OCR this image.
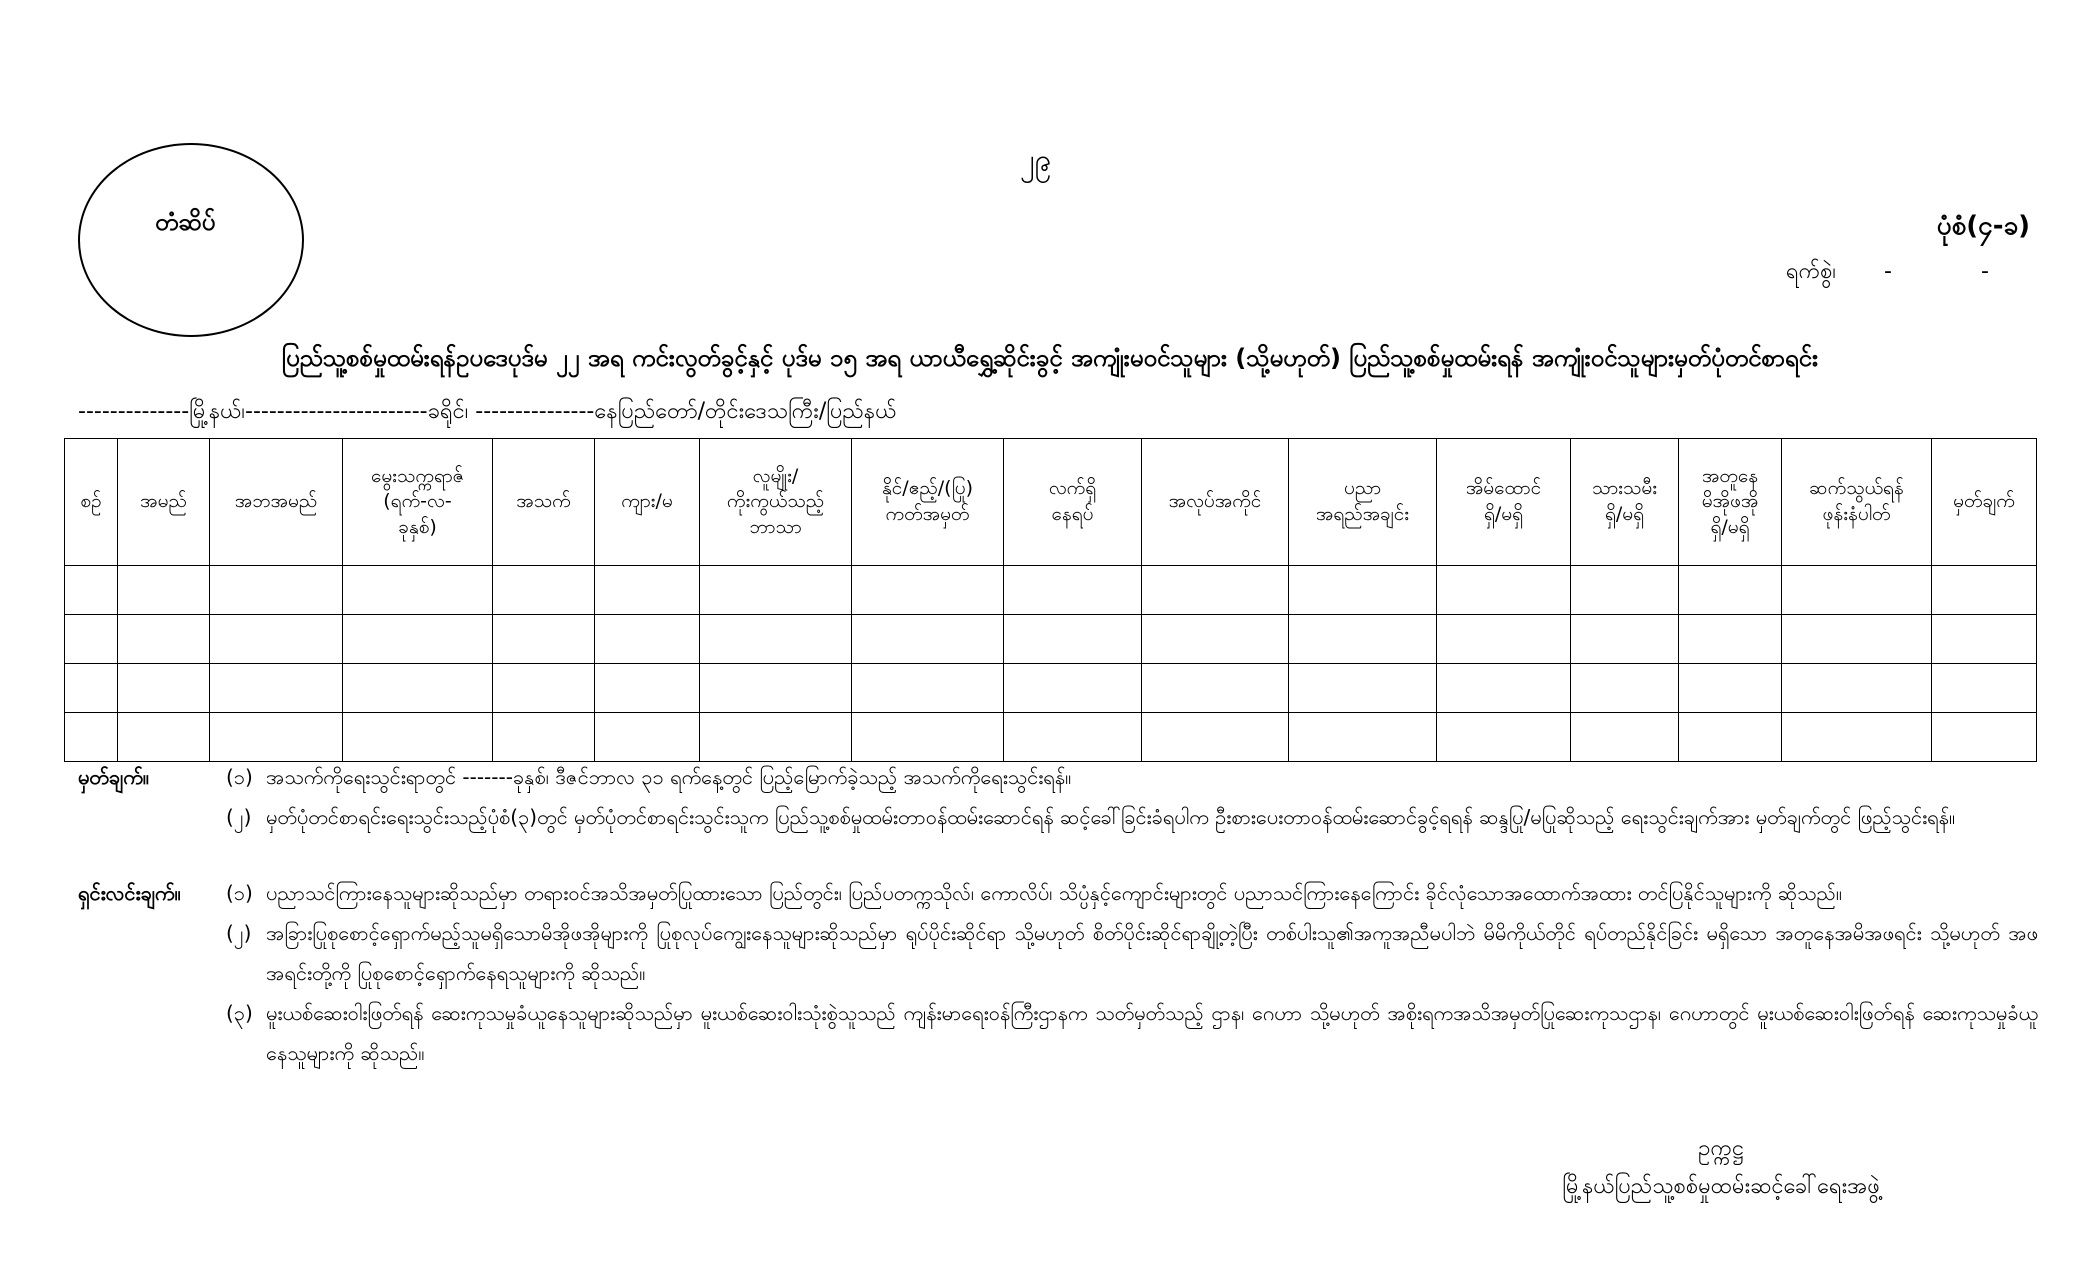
၂၉
တံဆိပ်	ပုံစံ(၄-ခ)
ရက်စွဲ၊ -	-
ပြည်သူ့စစ်မှုထမ်းရန်ဥပဒေပုဒ်မ ၂၂ အရ ကင်းလွတ်ခွင့်နှင့် ပုဒ်မ ၁၅ အရ ယာယီရွှေ့ဆိုင်းခွင့် အကျုံးမဝင်သူများ (သို့မဟုတ်) ပြည်သူ့စစ်မှုထမ်းရန် အကျုံးဝင်သူများမှတ်ပုံတင်စာရင်း
--------------မြို့နယ်၊-----------------------ခရိုင်၊ ---------------နေပြည်တော်/တိုင်းဒေသကြီး/ပြည်နယ်
စဉ်	အမည်	အဘအမည်	မွေးသက္ကရာဇ်
(ရက်-လ-
ခုနှစ်)	အသက်	ကျား/မ	လူမျိုး/
ကိုးကွယ်သည့်
ဘာသာ	နိုင်/ဧည့်/(ပြု)
ကတ်အမှတ်	လက်ရှိ
နေရပ်	အလုပ်အကိုင်	ပညာ
အရည်အချင်း	အိမ်ထောင်
ရှိ/မရှိ	သားသမီး
ရှိ/မရှိ	အတူနေ
မိအိုဖအို
ရှိ/မရှိ	ဆက်သွယ်ရန်
ဖုန်းနံပါတ်	မှတ်ချက်

မှတ်ချက်။	(၁) အသက်ကိုရေးသွင်းရာတွင် -------ခုနှစ်၊ ဒီဇင်ဘာလ ၃၁ ရက်နေ့တွင် ပြည့်မြောက်ခဲ့သည့် အသက်ကိုရေးသွင်းရန်။
(၂) မှတ်ပုံတင်စာရင်းရေးသွင်းသည့်ပုံစံ(၃)တွင် မှတ်ပုံတင်စာရင်းသွင်းသူက ပြည်သူ့စစ်မှုထမ်းတာဝန်ထမ်းဆောင်ရန် ဆင့်ခေါ်ခြင်းခံရပါက ဦးစားပေးတာဝန်ထမ်းဆောင်ခွင့်ရရန် ဆန္ဒပြု/မပြုဆိုသည့် ရေးသွင်းချက်အား မှတ်ချက်တွင် ဖြည့်သွင်းရန်။
ရှင်းလင်းချက်။	(၁) ပညာသင်ကြားနေသူများဆိုသည်မှာ တရားဝင်အသိအမှတ်ပြုထားသော ပြည်တွင်း၊ ပြည်ပတက္ကသိုလ်၊ ကောလိပ်၊ သိပ္ပံနှင့်ကျောင်းများတွင် ပညာသင်ကြားနေကြောင်း ခိုင်လုံသောအထောက်အထား တင်ပြနိုင်သူများကို ဆိုသည်။
(၂) အခြားပြုစုစောင့်ရှောက်မည့်သူမရှိသောမိအိုဖအိုများကို ပြုစုလုပ်ကျွေးနေသူများဆိုသည်မှာ ရုပ်ပိုင်းဆိုင်ရာ သို့မဟုတ် စိတ်ပိုင်းဆိုင်ရာချို့တဲ့ပြီး တစ်ပါးသူ၏အကူအညီမပါဘဲ မိမိကိုယ်တိုင် ရပ်တည်နိုင်ခြင်း မရှိသော အတူနေအမိအဖရင်း သို့မဟုတ် အဖအရင်းတို့ကို ပြုစုစောင့်ရှောက်နေရသူများကို ဆိုသည်။
(၃) မူးယစ်ဆေးဝါးဖြတ်ရန် ဆေးကုသမှုခံယူနေသူများဆိုသည်မှာ မူးယစ်ဆေးဝါးသုံးစွဲသူသည် ကျန်းမာရေးဝန်ကြီးဌာနက သတ်မှတ်သည့် ဌာန၊ ဂေဟာ သို့မဟုတ် အစိုးရကအသိအမှတ်ပြုဆေးကုသဌာန၊ ဂေဟာတွင် မူးယစ်ဆေးဝါးဖြတ်ရန် ဆေးကုသမှုခံယူနေသူများကို ဆိုသည်။
ဥက္ကဋ္ဌ
မြို့နယ်ပြည်သူ့စစ်မှုထမ်းဆင့်ခေါ်ရေးအဖွဲ့
